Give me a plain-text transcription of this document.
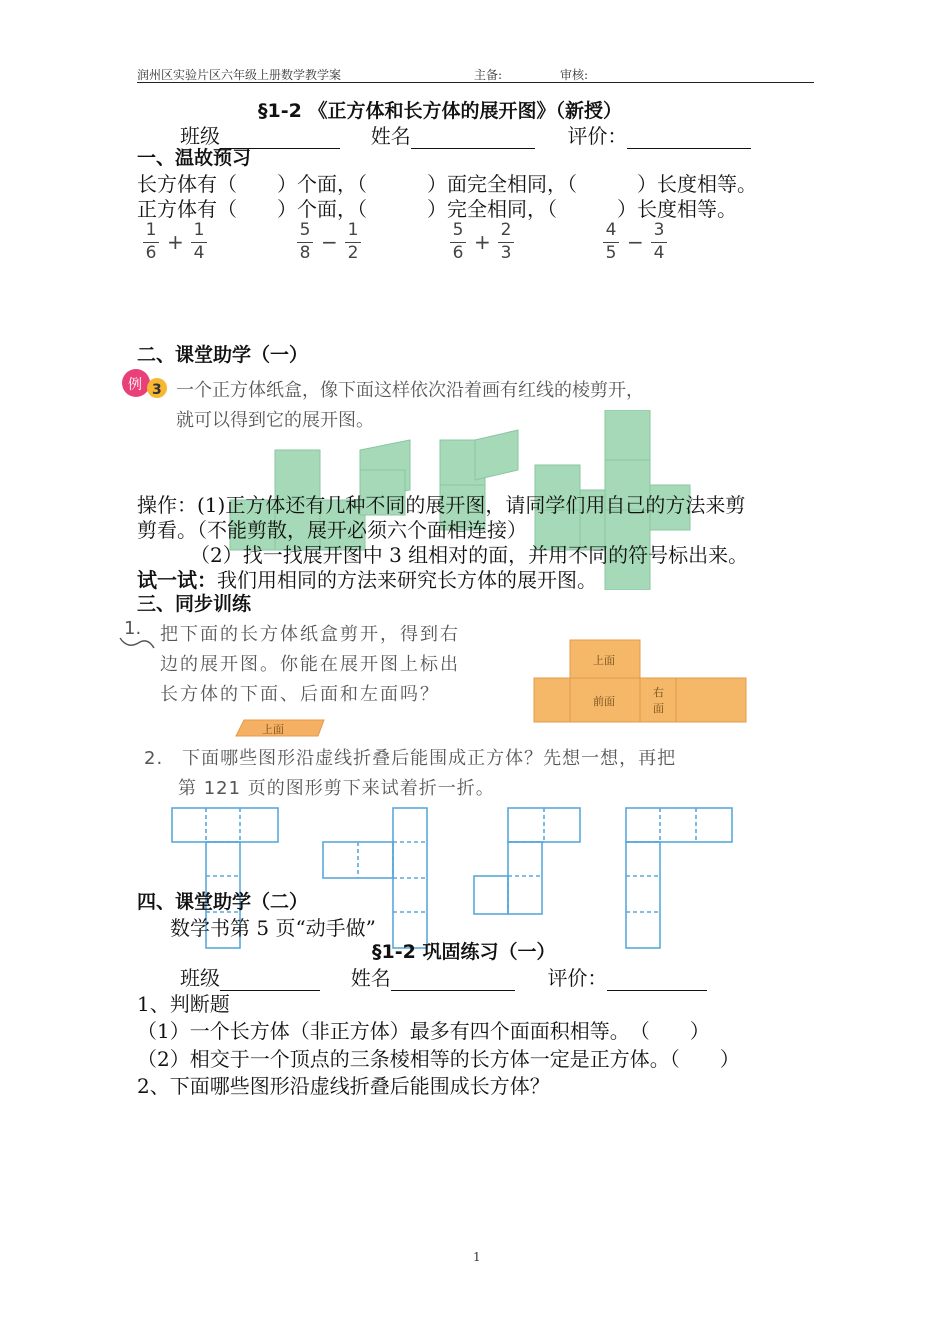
润州区实验片区六年级上册数学教学案	主备:	审核:
§1-2 《正方体和长方体的展开图》（新授）
班级	姓名	评价：
一、温故预习
长方体有（　　）个面，（　　　）面完全相同，（　　　）长度相等。
正方体有（　　）个面，（　　　）完全相同，（　　　）长度相等。
1
6 + 1
4
5
8 − 1
2
5
6 + 2
3
4
5 − 3
4
二、课堂助学（一）
例 3 一个正方体纸盒，像下面这样依次沿着画有红线的棱剪开，
就可以得到它的展开图。
操作：(1)正方体还有几种不同的展开图，请同学们用自己的方法来剪
剪看。（不能剪散，展开必须六个面相连接）
（2）找一找展开图中 3 组相对的面，并用不同的符号标出来。
试一试：我们用相同的方法来研究长方体的展开图。
三、同步训练
1. 把下面的长方体纸盒剪开，得到右
边的展开图。你能在展开图上标出
长方体的下面、后面和左面吗？
上面
上面
前面
右
面
2.　下面哪些图形沿虚线折叠后能围成正方体？先想一想，再把
第 121 页的图形剪下来试着折一折。
四、课堂助学（二）
数学书第 5 页“动手做”
§1-2 巩固练习（一）
班级	姓名	评价：
1、判断题
（1）一个长方体（非正方体）最多有四个面面积相等。　（　　）
（2）相交于一个顶点的三条棱相等的长方体一定是正方体。（　　）
2、下面哪些图形沿虚线折叠后能围成长方体？
1
